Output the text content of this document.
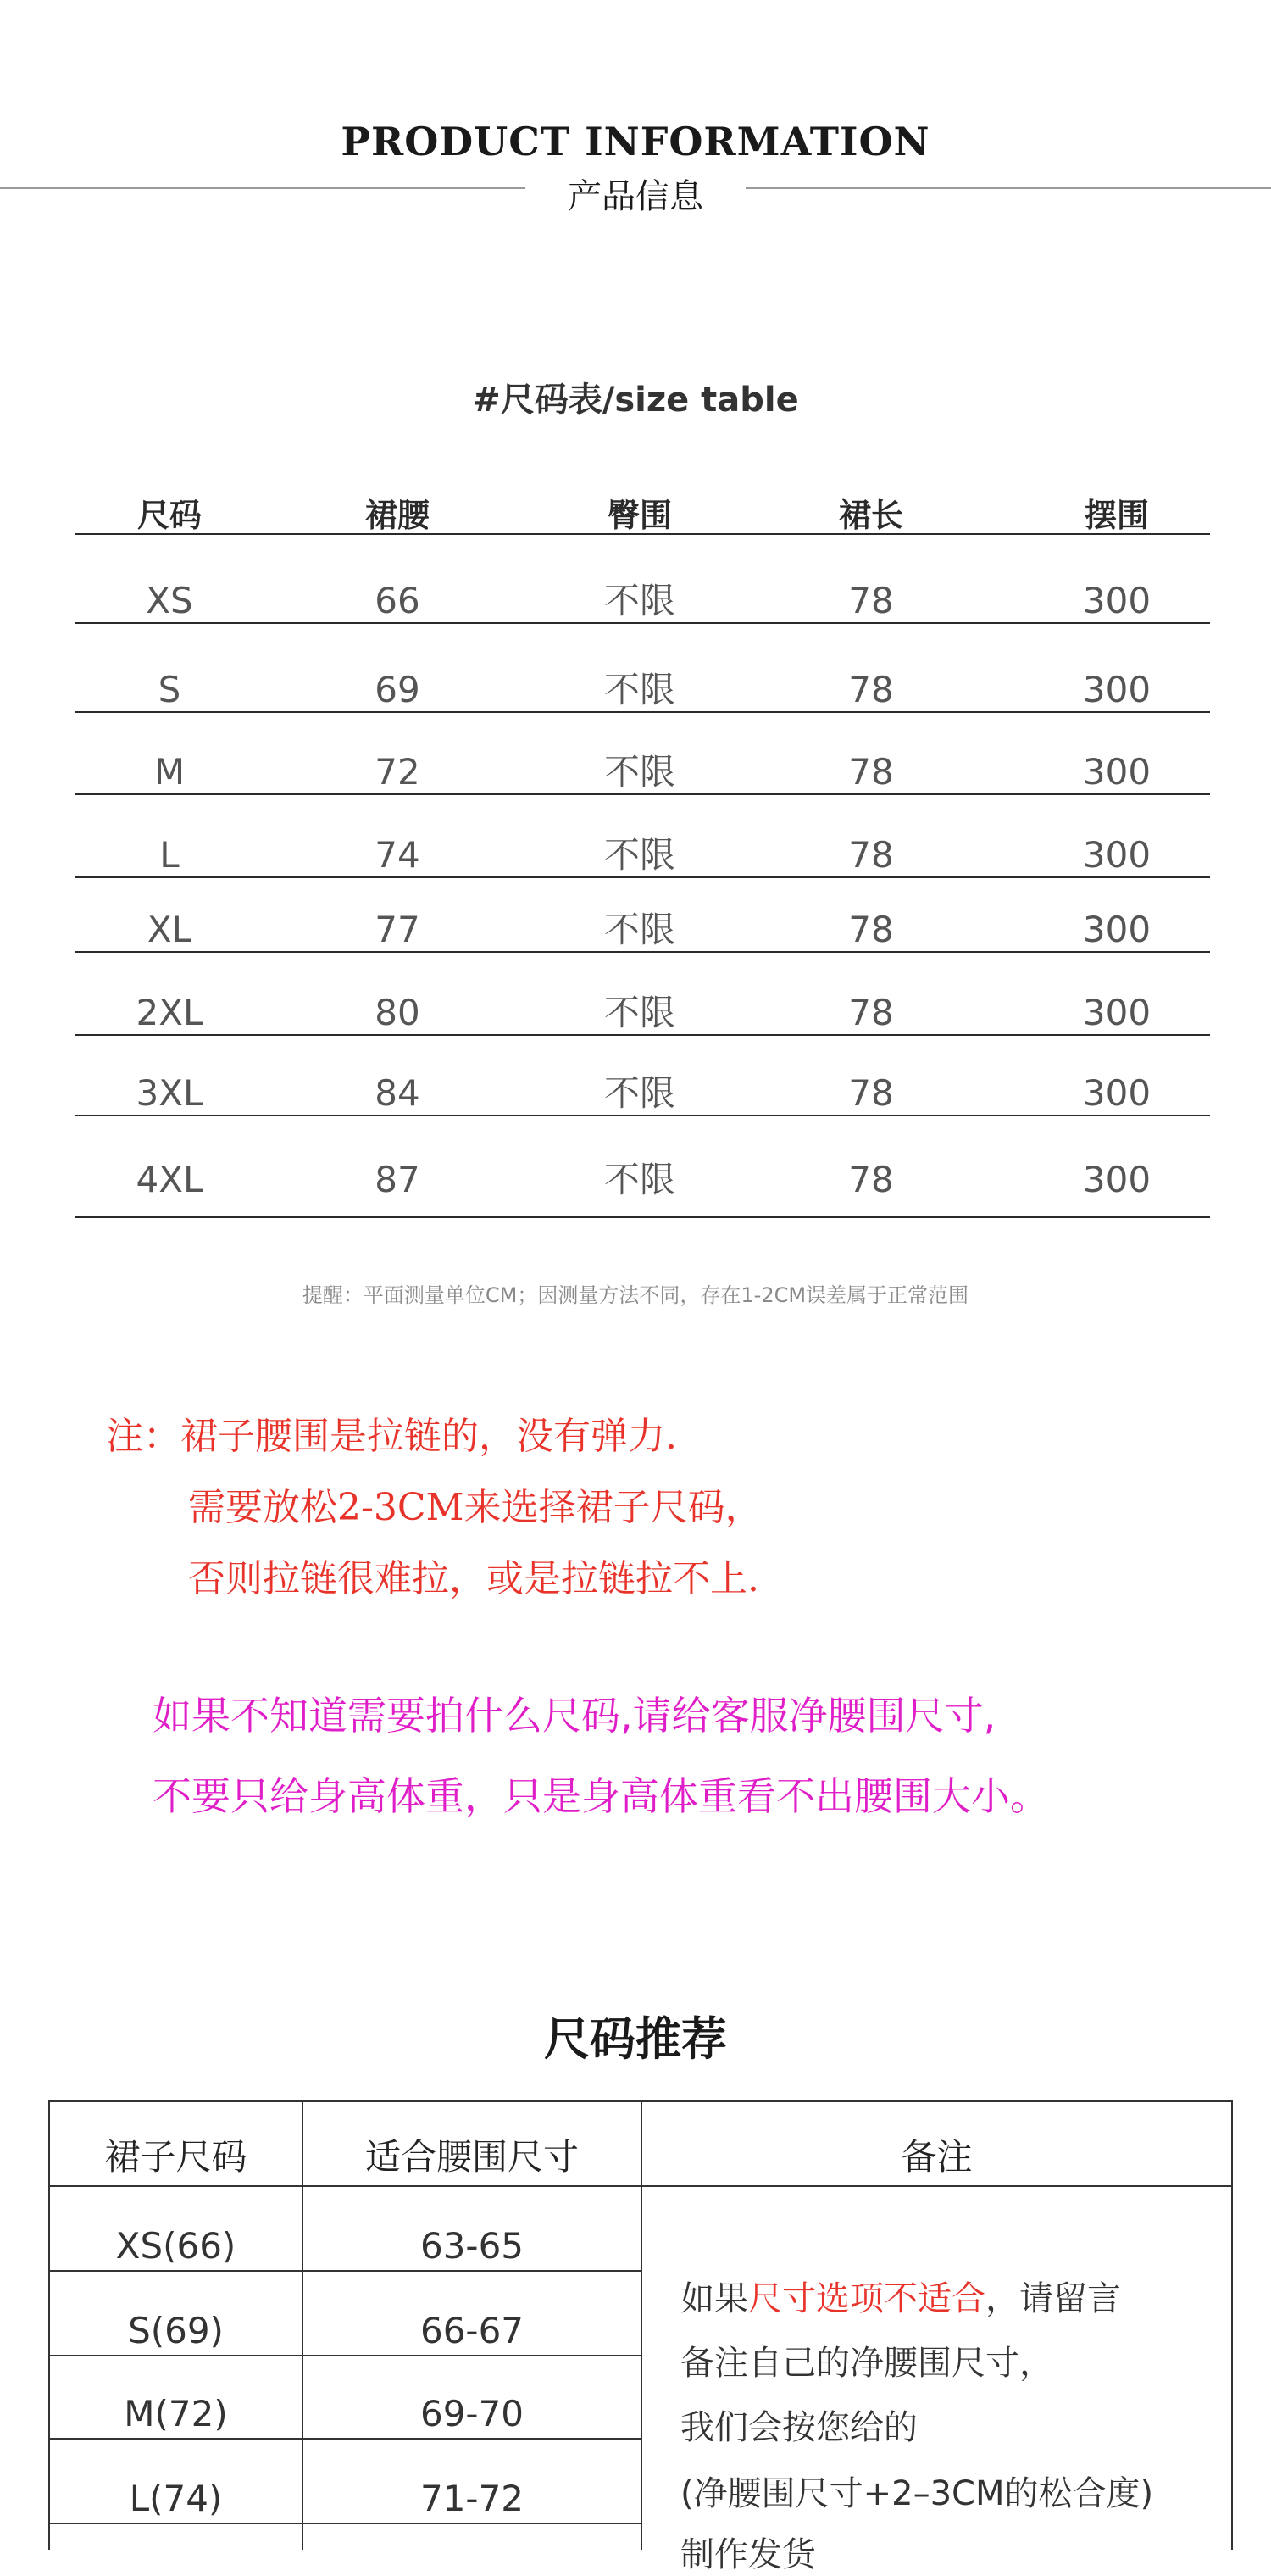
PRODUCT INFORMATION
产品信息
#尺码表/size table
尺码	裙腰	臀围	裙长	摆围
XS	66	不限	78	300
S	69	不限	78	300
M	72	不限	78	300
L	74	不限	78	300
XL	77	不限	78	300
2XL	80	不限	78	300
3XL	84	不限	78	300
4XL	87	不限	78	300
提醒：平面测量单位CM；因测量方法不同，存在1-2CM误差属于正常范围
注：裙子腰围是拉链的，没有弹力.
需要放松2-3CM来选择裙子尺码，
否则拉链很难拉，或是拉链拉不上.
如果不知道需要拍什么尺码,请给客服净腰围尺寸,
不要只给身高体重，只是身高体重看不出腰围大小。
尺码推荐
裙子尺码	适合腰围尺寸	备注
XS(66)	63-65
S(69)	66-67
M(72)	69-70
L(74)	71-72
如果尺寸选项不适合，请留言
备注自己的净腰围尺寸，
我们会按您给的
(净腰围尺寸+2–3CM的松合度)
制作发货
